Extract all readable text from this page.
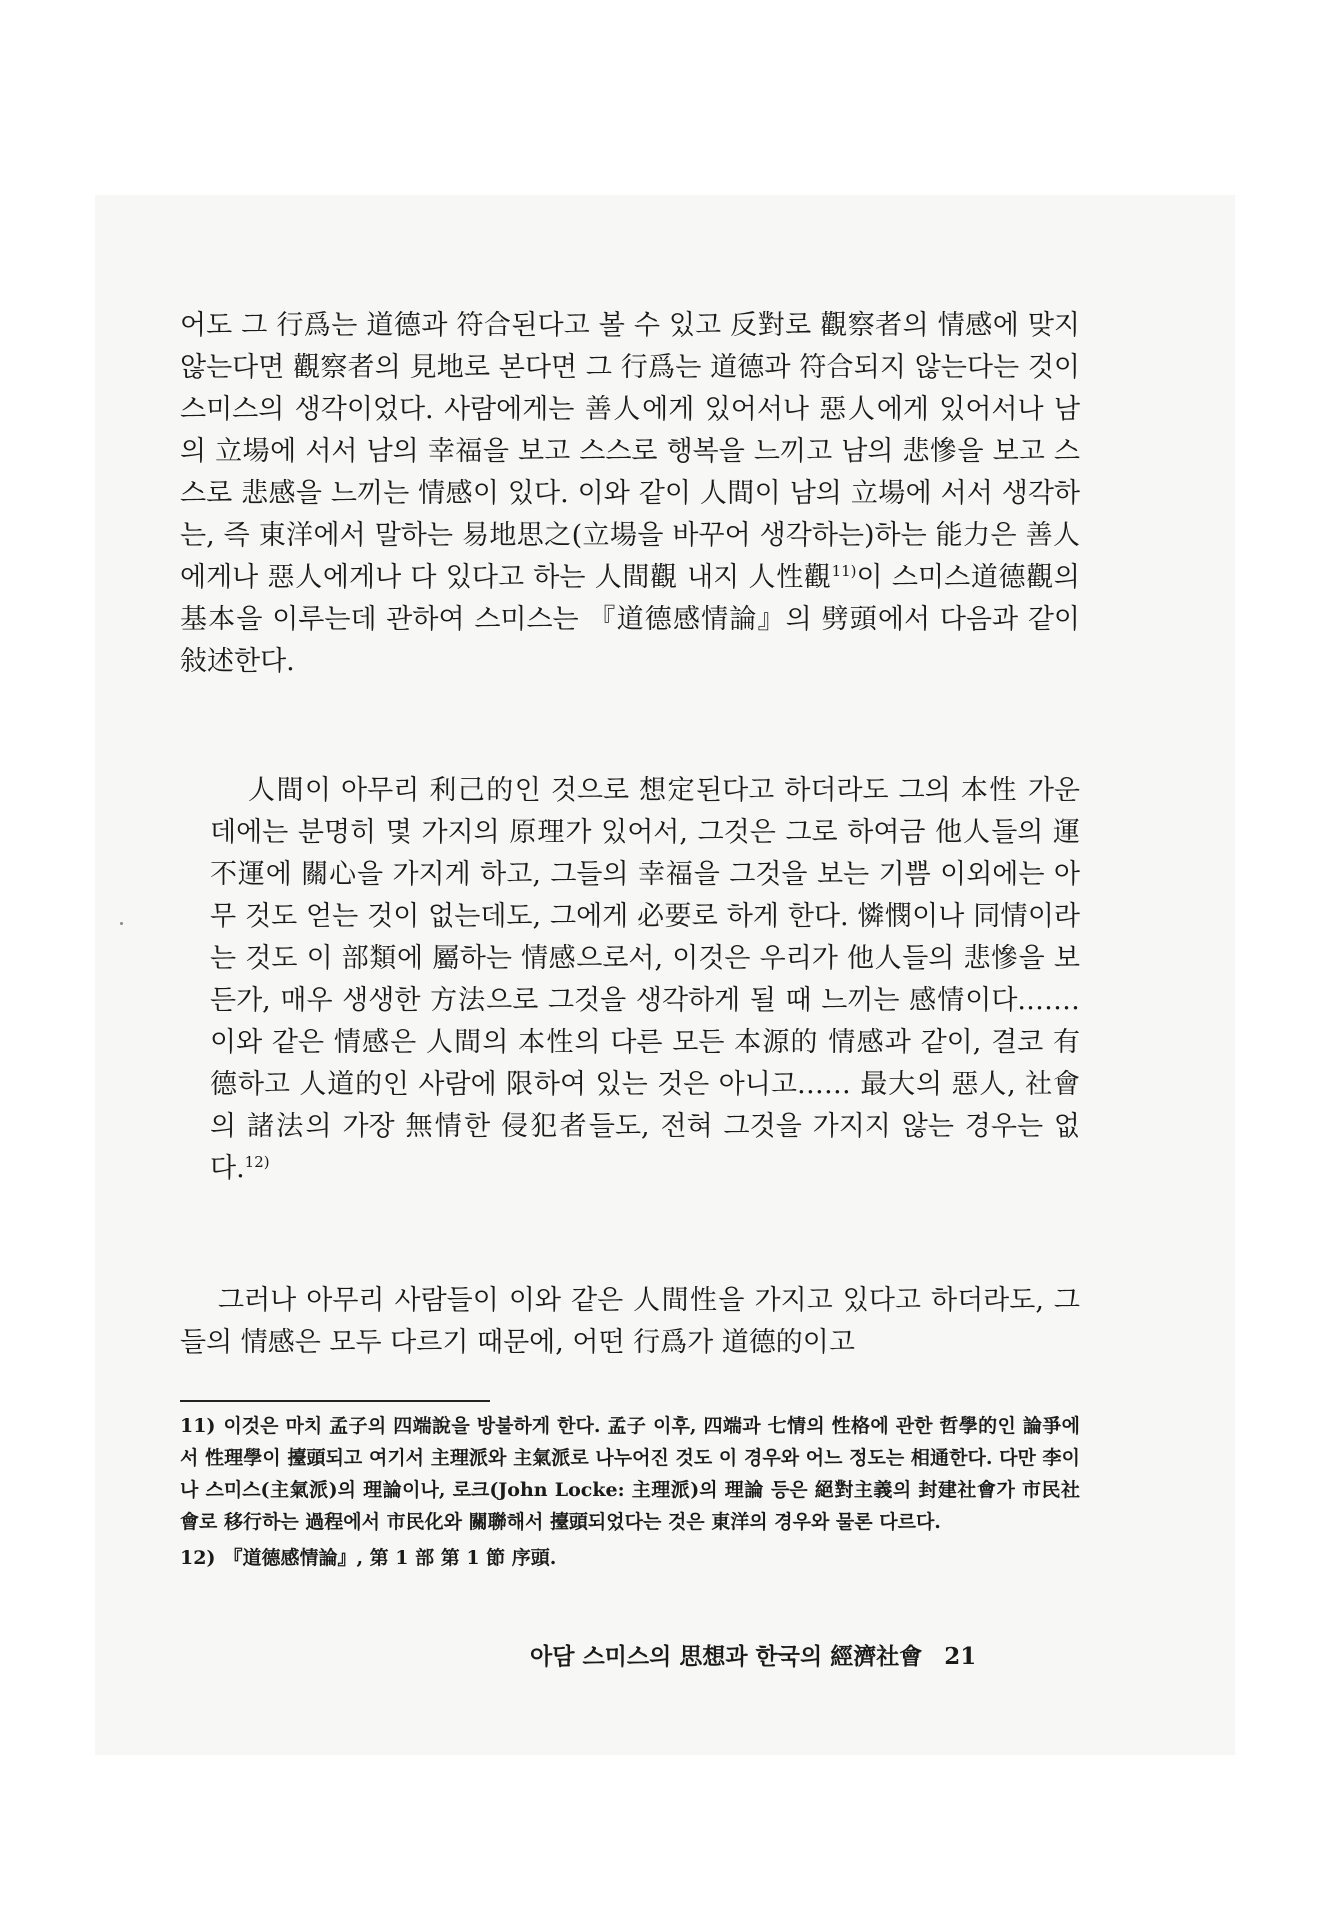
어도 그 行爲는 道德과 符合된다고 볼 수 있고 反對로 觀察者의 情感에 맞지 않는다면 觀察者의 見地로 본다면 그 行爲는 道德과 符合되지 않는다는 것이 스미스의 생각이었다. 사람에게는 善人에게 있어서나 惡人에게 있어서나 남의 立場에 서서 남의 幸福을 보고 스스로 행복을 느끼고 남의 悲慘을 보고 스스로 悲感을 느끼는 情感이 있다. 이와 같이 人間이 남의 立場에 서서 생각하는, 즉 東洋에서 말하는 易地思之(立場을 바꾸어 생각하는)하는 能力은 善人에게나 惡人에게나 다 있다고 하는 人間觀 내지 人性觀$^{11)}$이 스미스道德觀의 基本을 이루는데 관하여 스미스는 『道德感情論』의 劈頭에서 다음과 같이 敍述한다.

人間이 아무리 利己的인 것으로 想定된다고 하더라도 그의 本性 가운데에는 분명히 몇 가지의 原理가 있어서, 그것은 그로 하여금 他人들의 運不運에 關心을 가지게 하고, 그들의 幸福을 그것을 보는 기쁨 이외에는 아무 것도 얻는 것이 없는데도, 그에게 必要로 하게 한다. 憐憫이나 同情이라는 것도 이 部類에 屬하는 情感으로서, 이것은 우리가 他人들의 悲慘을 보든가, 매우 생생한 方法으로 그것을 생각하게 될 때 느끼는 感情이다.…… 이와 같은 情感은 人間의 本性의 다른 모든 本源的 情感과 같이, 결코 有德하고 人道的인 사람에 限하여 있는 것은 아니고…… 最大의 惡人, 社會의 諸法의 가장 無情한 侵犯者들도, 전혀 그것을 가지지 않는 경우는 없다.$^{12)}$

그러나 아무리 사람들이 이와 같은 人間性을 가지고 있다고 하더라도, 그들의 情感은 모두 다르기 때문에, 어떤 行爲가 道德的이고

11) 이것은 마치 孟子의 四端說을 방불하게 한다. 孟子 이후, 四端과 七情의 性格에 관한 哲學的인 論爭에서 性理學이 擡頭되고 여기서 主理派와 主氣派로 나누어진 것도 이 경우와 어느 정도는 相通한다. 다만 李이나 스미스(主氣派)의 理論이나, 로크(John Locke: 主理派)의 理論 등은 絕對主義의 封建社會가 市民社會로 移行하는 過程에서 市民化와 關聯해서 擡頭되었다는 것은 東洋의 경우와 물론 다르다.

12) 『道德感情論』, 第 1 部 第 1 節 序頭.

아담 스미스의 思想과 한국의 經濟社會 21
